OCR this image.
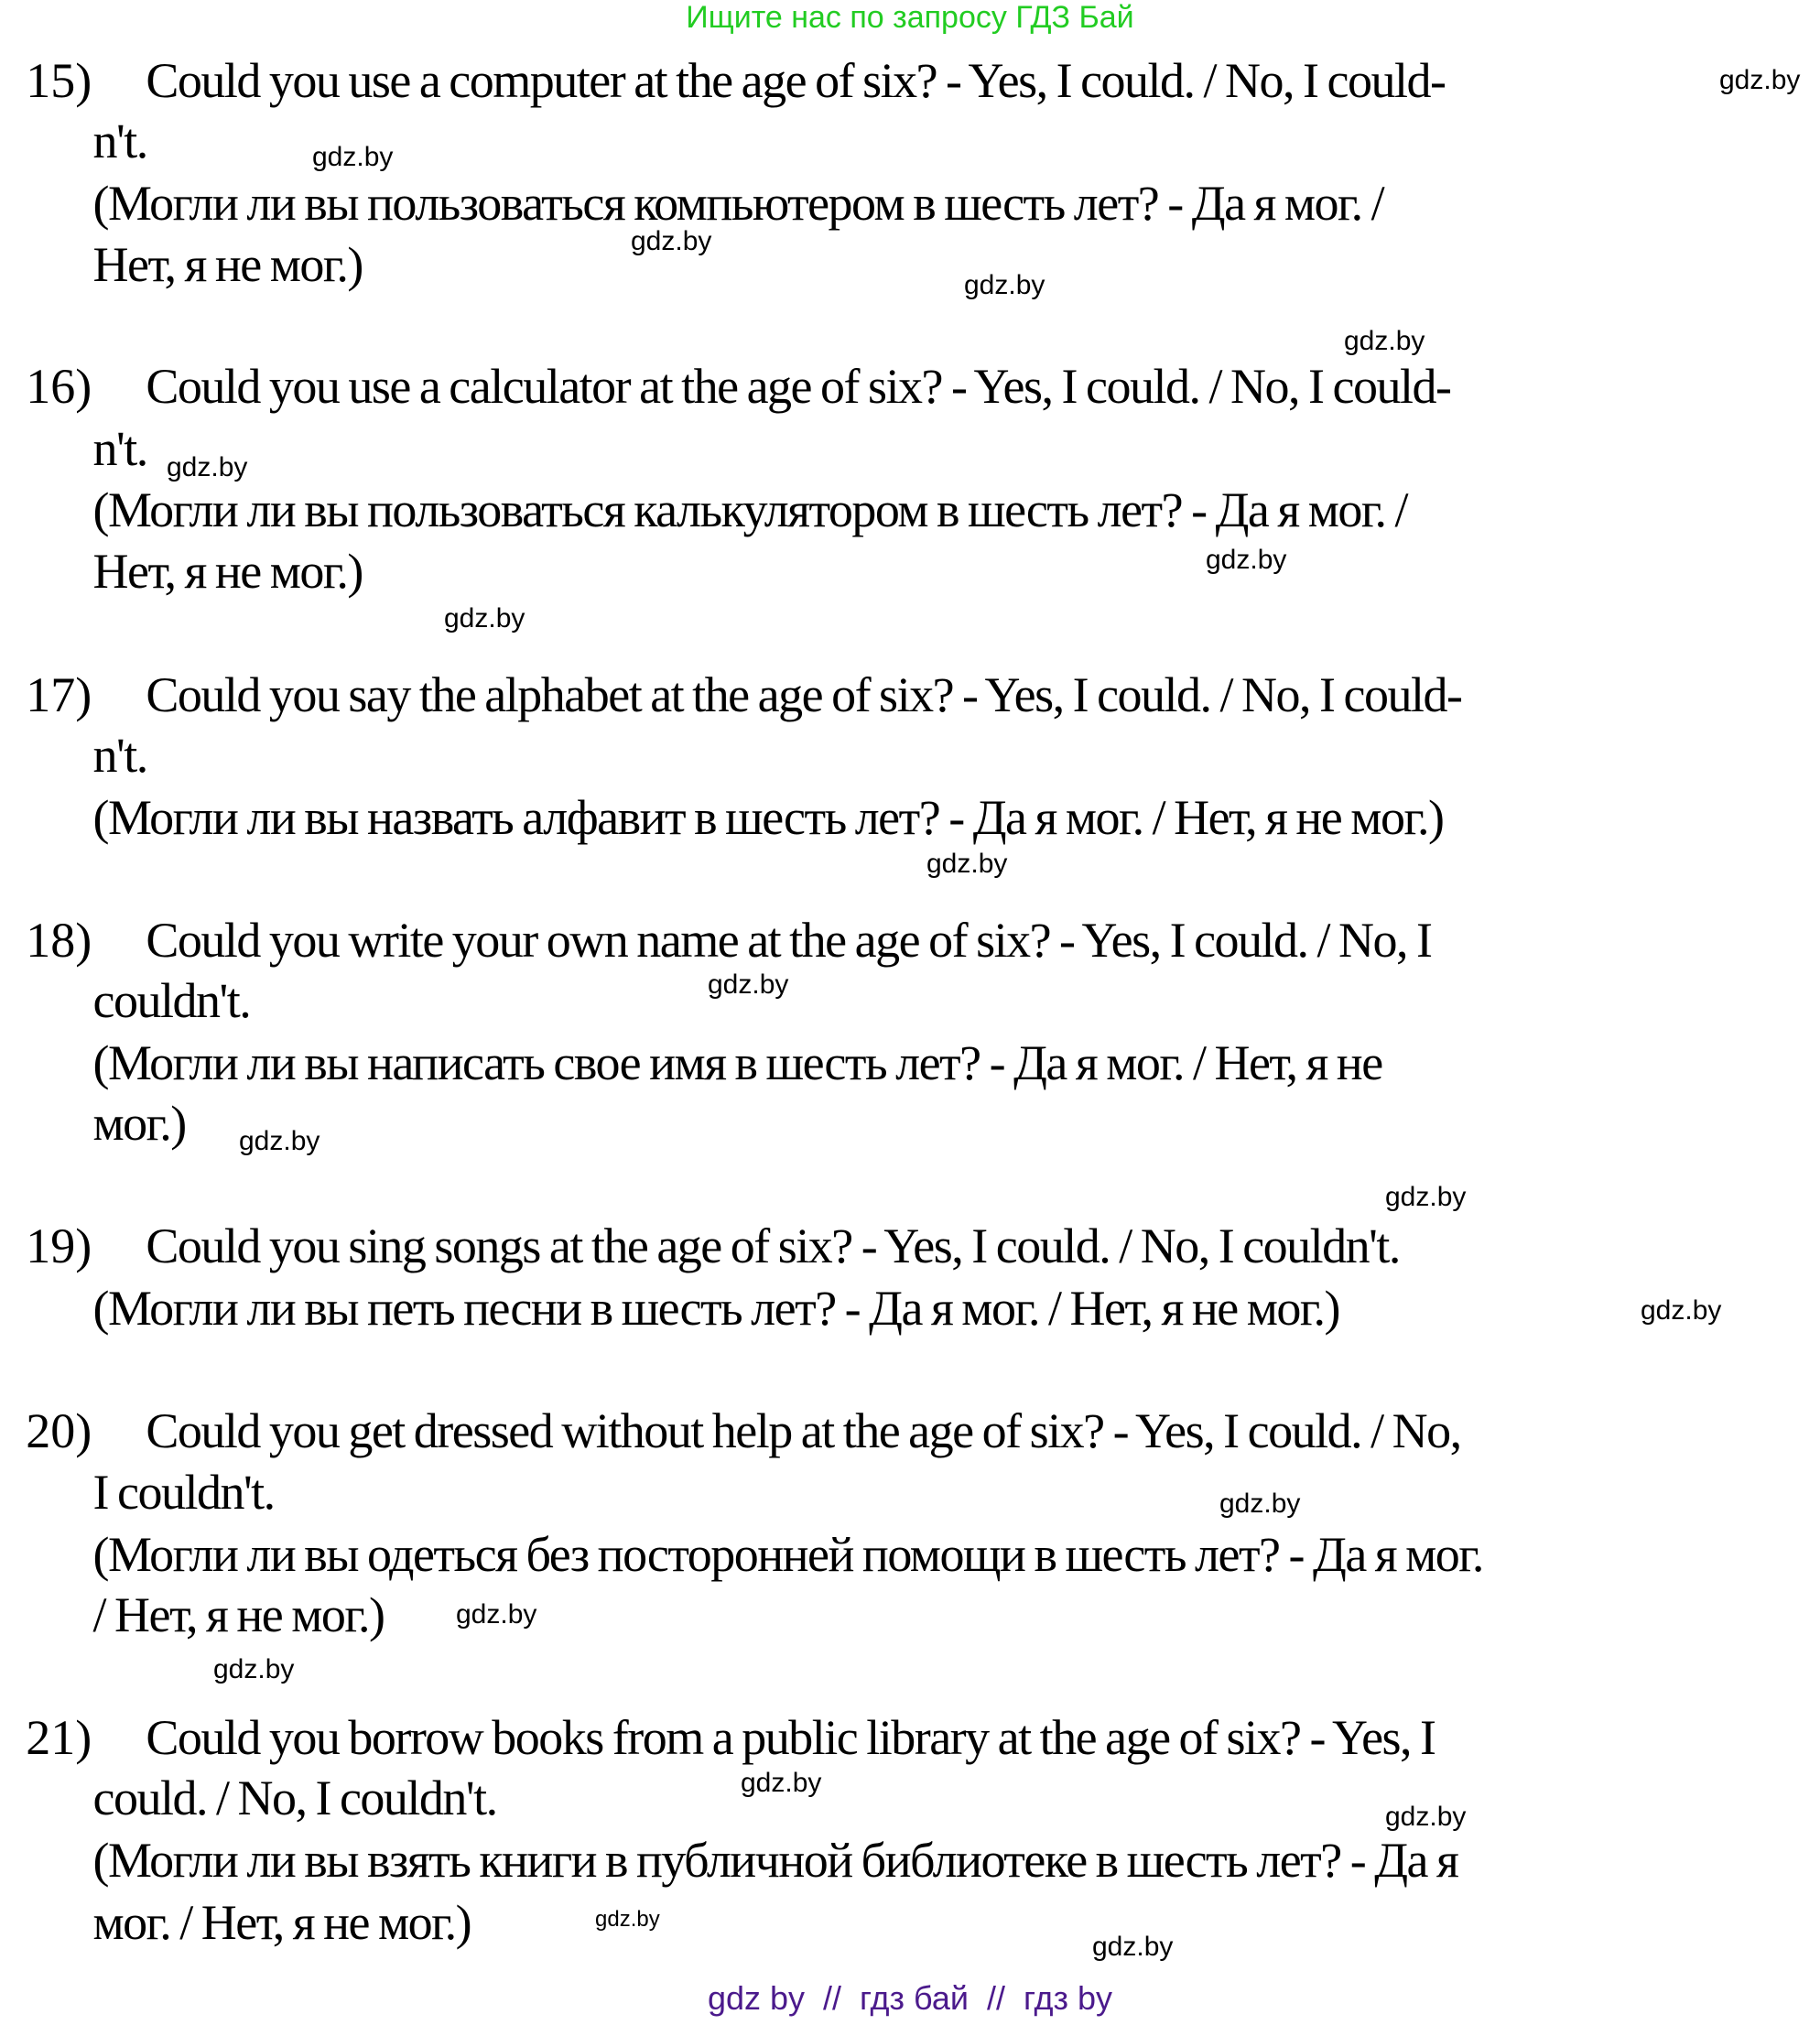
Ищите нас по запросу ГДЗ Бай
15) Could you use a computer at the age of six? - Yes, I could. / No, I could-
n't.
(Могли ли вы пользоваться компьютером в шесть лет? - Да я мог. /
Нет, я не мог.)
16) Could you use a calculator at the age of six? - Yes, I could. / No, I could-
n't.
(Могли ли вы пользоваться калькулятором в шесть лет? - Да я мог. /
Нет, я не мог.)
17) Could you say the alphabet at the age of six? - Yes, I could. / No, I could-
n't.
(Могли ли вы назвать алфавит в шесть лет? - Да я мог. / Нет, я не мог.)
18) Could you write your own name at the age of six? - Yes, I could. / No, I
couldn't.
(Могли ли вы написать свое имя в шесть лет? - Да я мог. / Нет, я не
мог.)
19) Could you sing songs at the age of six? - Yes, I could. / No, I couldn't.
(Могли ли вы петь песни в шесть лет? - Да я мог. / Нет, я не мог.)
20) Could you get dressed without help at the age of six? - Yes, I could. / No,
I couldn't.
(Могли ли вы одеться без посторонней помощи в шесть лет? - Да я мог.
/ Нет, я не мог.)
21) Could you borrow books from a public library at the age of six? - Yes, I
could. / No, I couldn't.
(Могли ли вы взять книги в публичной библиотеке в шесть лет? - Да я
мог. / Нет, я не мог.)
gdz.by
gdz.by
gdz.by
gdz.by
gdz.by
gdz.by
gdz.by
gdz.by
gdz.by
gdz.by
gdz.by
gdz.by
gdz.by
gdz.by
gdz.by
gdz.by
gdz.by
gdz.by
gdz.by
gdz.by
gdz by  //  гдз бай  //  гдз by
